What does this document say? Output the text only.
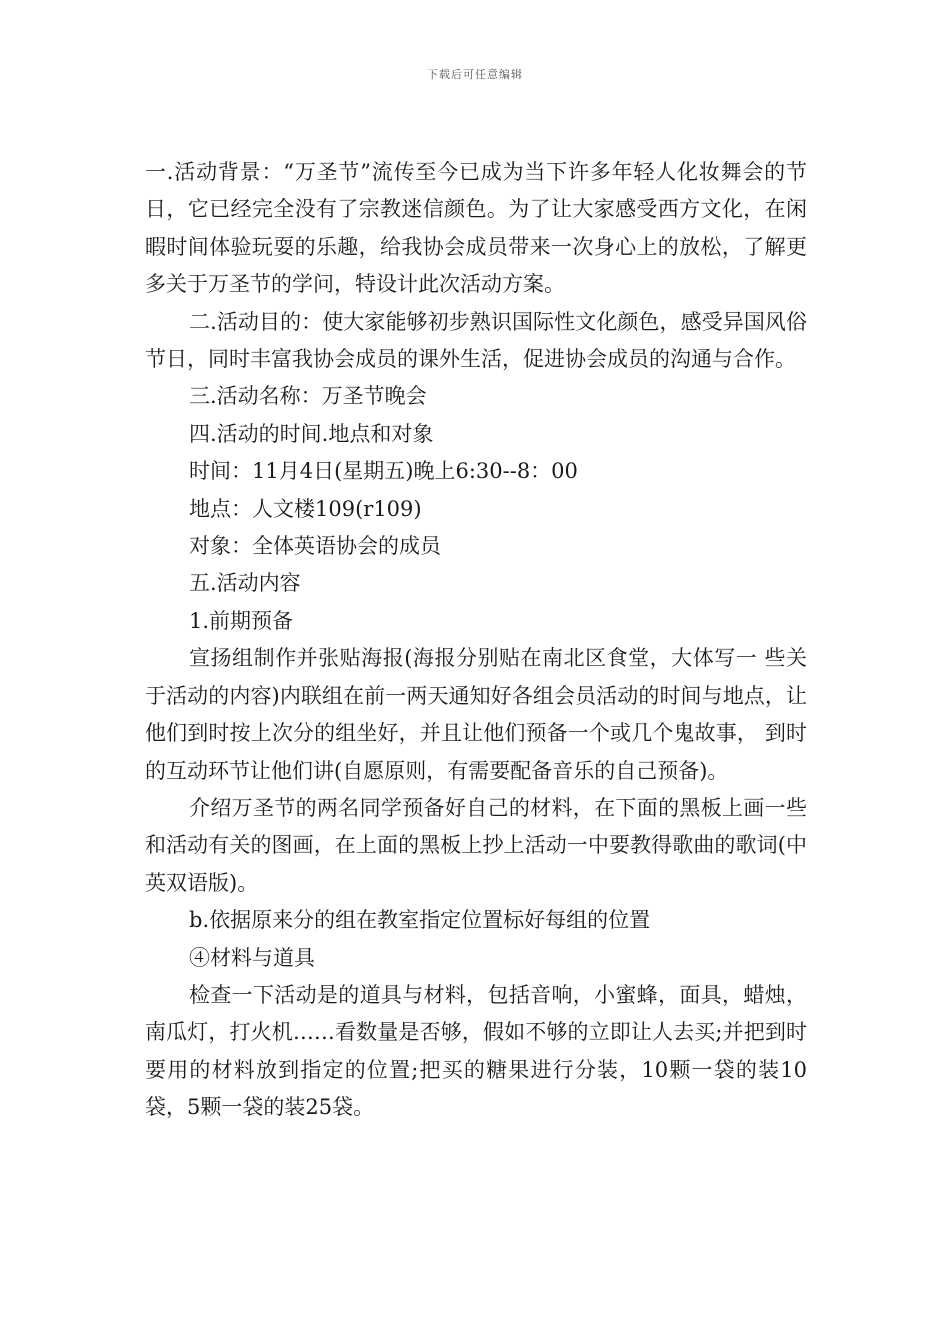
下载后可任意编辑

一.活动背景：“万圣节”流传至今已成为当下许多年轻人化妆舞会的节日，它已经完全没有了宗教迷信颜色。为了让大家感受西方文化，在闲暇时间体验玩耍的乐趣，给我协会成员带来一次身心上的放松，了解更多关于万圣节的学问，特设计此次活动方案。

二.活动目的：使大家能够初步熟识国际性文化颜色，感受异国风俗节日，同时丰富我协会成员的课外生活，促进协会成员的沟通与合作。

三.活动名称：万圣节晚会

四.活动的时间.地点和对象

时间：11月4日(星期五)晚上6:30--8：00

地点：人文楼109(r109)

对象：全体英语协会的成员

五.活动内容

1.前期预备

宣扬组制作并张贴海报(海报分别贴在南北区食堂，大体写一 些关于活动的内容)内联组在前一两天通知好各组会员活动的时间与地点，让他们到时按上次分的组坐好，并且让他们预备一个或几个鬼故事， 到时的互动环节让他们讲(自愿原则，有需要配备音乐的自己预备)。

介绍万圣节的两名同学预备好自己的材料，在下面的黑板上画一些和活动有关的图画，在上面的黑板上抄上活动一中要教得歌曲的歌词(中英双语版)。

b.依据原来分的组在教室指定位置标好每组的位置

④材料与道具

检查一下活动是的道具与材料，包括音响，小蜜蜂，面具，蜡烛，南瓜灯，打火机……看数量是否够，假如不够的立即让人去买;并把到时要用的材料放到指定的位置;把买的糖果进行分装，10颗一袋的装10袋，5颗一袋的装25袋。
